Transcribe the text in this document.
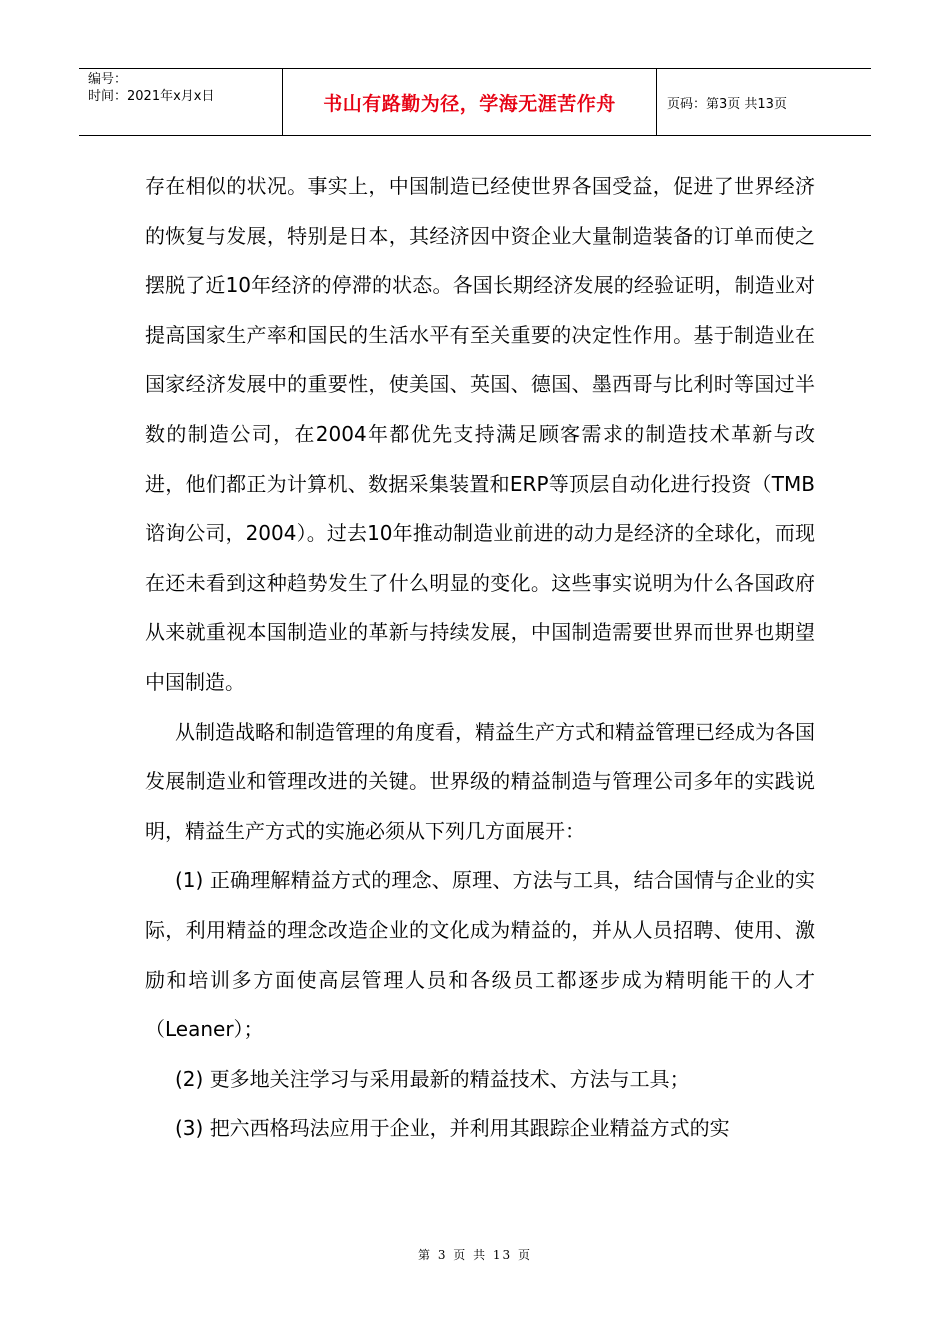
编号：
时间：2021年x月x日	书山有路勤为径，学海无涯苦作舟	页码：第3页 共13页

存在相似的状况。事实上，中国制造已经使世界各国受益，促进了世界经济的恢复与发展，特别是日本，其经济因中资企业大量制造装备的订单而使之摆脱了近10年经济的停滞的状态。各国长期经济发展的经验证明，制造业对提高国家生产率和国民的生活水平有至关重要的决定性作用。基于制造业在国家经济发展中的重要性，使美国、英国、德国、墨西哥与比利时等国过半数的制造公司，在2004年都优先支持满足顾客需求的制造技术革新与改进，他们都正为计算机、数据采集装置和ERP等顶层自动化进行投资（TMB谘询公司，2004）。过去10年推动制造业前进的动力是经济的全球化，而现在还未看到这种趋势发生了什么明显的变化。这些事实说明为什么各国政府从来就重视本国制造业的革新与持续发展，中国制造需要世界而世界也期望中国制造。

从制造战略和制造管理的角度看，精益生产方式和精益管理已经成为各国发展制造业和管理改进的关键。世界级的精益制造与管理公司多年的实践说明，精益生产方式的实施必须从下列几方面展开：

(1) 正确理解精益方式的理念、原理、方法与工具，结合国情与企业的实际，利用精益的理念改造企业的文化成为精益的，并从人员招聘、使用、激励和培训多方面使高层管理人员和各级员工都逐步成为精明能干的人才（Leaner）；

(2) 更多地关注学习与采用最新的精益技术、方法与工具；

(3) 把六西格玛法应用于企业，并利用其跟踪企业精益方式的实

第 3 页 共 13 页
